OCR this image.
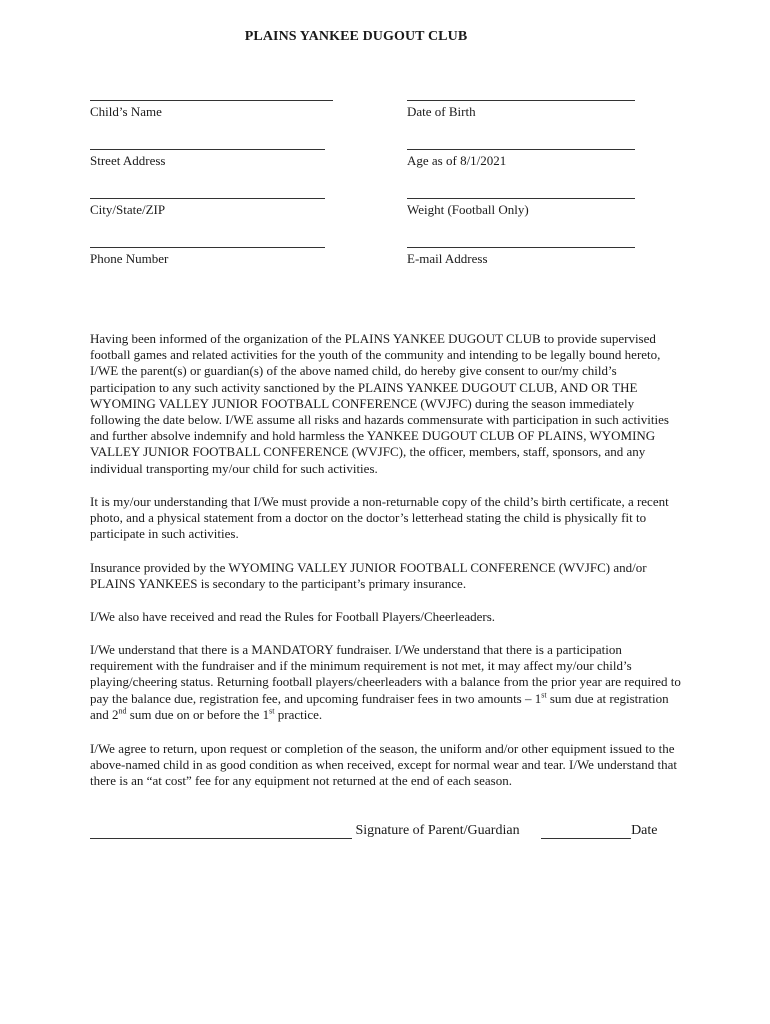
PLAINS YANKEE DUGOUT CLUB
Child’s Name
Street Address
City/State/ZIP
Phone Number
Date of Birth
Age as of 8/1/2021
Weight (Football Only)
E-mail Address

Having been informed of the organization of the PLAINS YANKEE DUGOUT CLUB to provide supervised football games and related activities for the youth of the community and intending to be legally bound hereto, I/WE the parent(s) or guardian(s) of the above named child, do hereby give consent to our/my child’s participation to any such activity sanctioned by the PLAINS YANKEE DUGOUT CLUB, AND OR THE WYOMING VALLEY JUNIOR FOOTBALL CONFERENCE (WVJFC) during the season immediately following the date below. I/WE assume all risks and hazards commensurate with participation in such activities and further absolve indemnify and hold harmless the YANKEE DUGOUT CLUB OF PLAINS, WYOMING VALLEY JUNIOR FOOTBALL CONFERENCE (WVJFC), the officer, members, staff, sponsors, and any individual transporting my/our child for such activities.

It is my/our understanding that I/We must provide a non-returnable copy of the child’s birth certificate, a recent photo, and a physical statement from a doctor on the doctor’s letterhead stating the child is physically fit to participate in such activities.

Insurance provided by the WYOMING VALLEY JUNIOR FOOTBALL CONFERENCE (WVJFC) and/or PLAINS YANKEES is secondary to the participant’s primary insurance.

I/We also have received and read the Rules for Football Players/Cheerleaders.

I/We understand that there is a MANDATORY fundraiser. I/We understand that there is a participation requirement with the fundraiser and if the minimum requirement is not met, it may affect my/our child’s playing/cheering status. Returning football players/cheerleaders with a balance from the prior year are required to pay the balance due, registration fee, and upcoming fundraiser fees in two amounts – 1st sum due at registration and 2nd sum due on or before the 1st practice.

I/We agree to return, upon request or completion of the season, the uniform and/or other equipment issued to the above-named child in as good condition as when received, except for normal wear and tear. I/We understand that there is an “at cost” fee for any equipment not returned at the end of each season.

Signature of Parent/Guardian	Date
